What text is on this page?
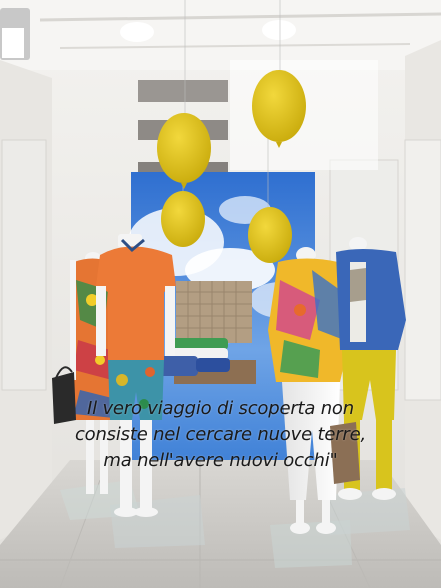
Il vero viaggio di scoperta non
consiste nel cercare nuove terre,
ma nell'avere nuovi occhi"
